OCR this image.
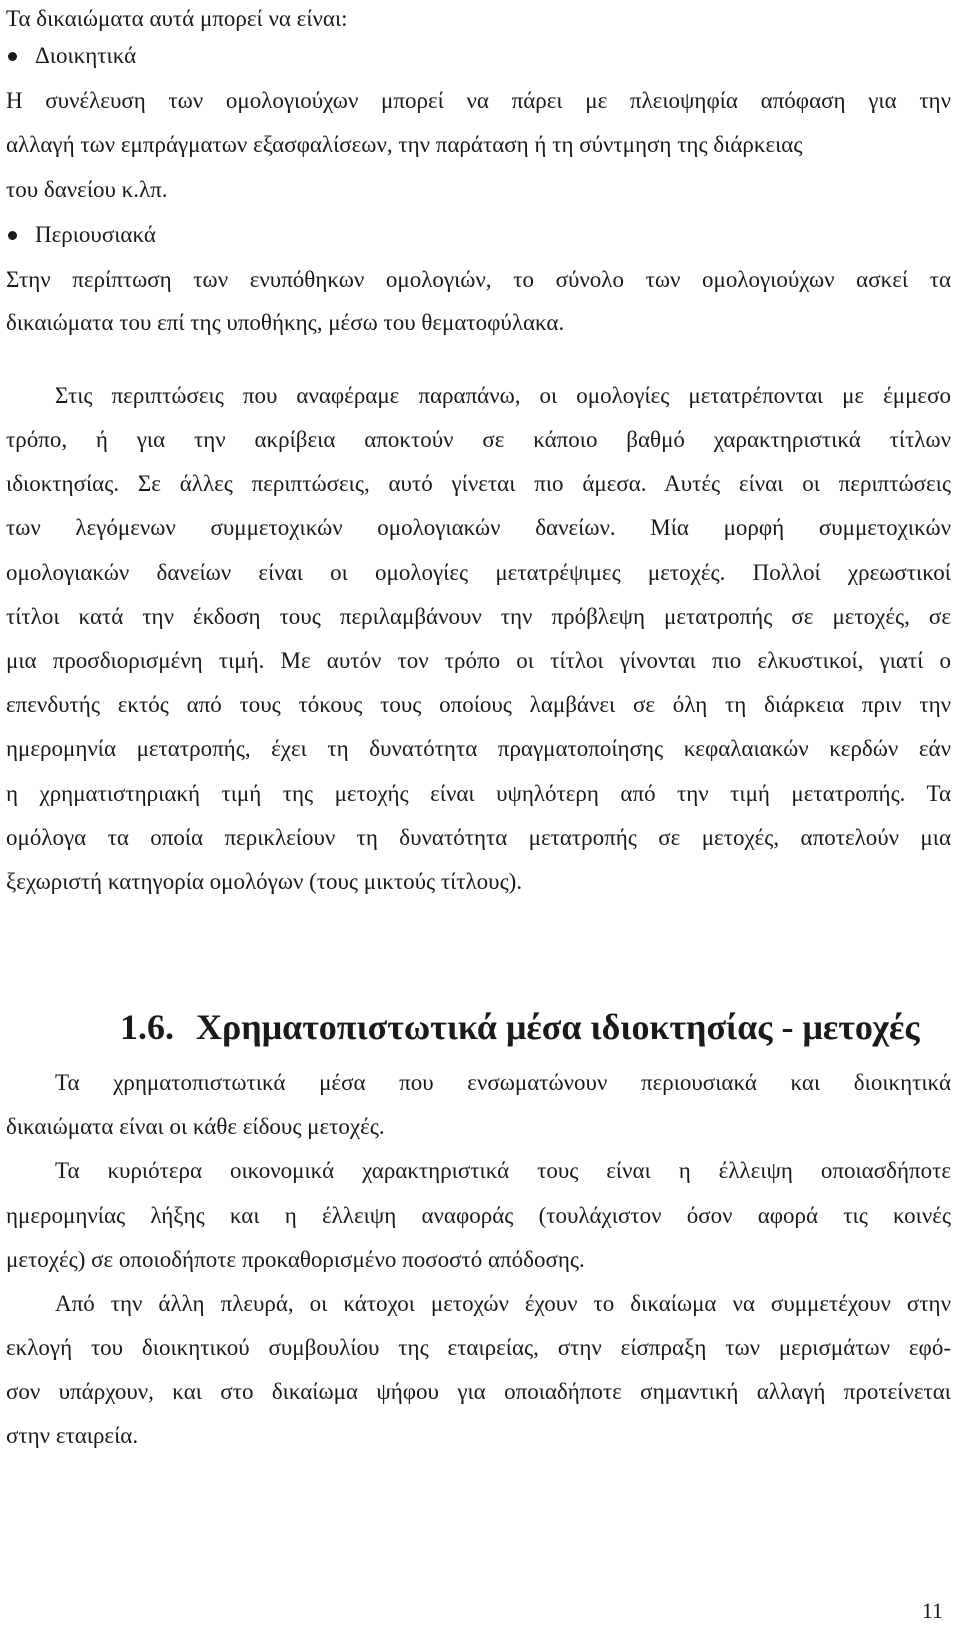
Τα δικαιώματα αυτά μπορεί να είναι:
Διοικητικά
Η συνέλευση των ομολογιούχων μπορεί να πάρει με πλειοψηφία απόφαση για την
αλλαγή των εμπράγματων εξασφαλίσεων, την παράταση ή τη σύντμηση της διάρκειας
του δανείου κ.λπ.
Περιουσιακά
Στην περίπτωση των ενυπόθηκων ομολογιών, το σύνολο των ομολογιούχων ασκεί τα
δικαιώματα του επί της υποθήκης, μέσω του θεματοφύλακα.
Στις περιπτώσεις που αναφέραμε παραπάνω, οι ομολογίες μετατρέπονται με έμμεσο
τρόπο, ή για την ακρίβεια αποκτούν σε κάποιο βαθμό χαρακτηριστικά τίτλων
ιδιοκτησίας. Σε άλλες περιπτώσεις, αυτό γίνεται πιο άμεσα. Αυτές είναι οι περιπτώσεις
των λεγόμενων συμμετοχικών ομολογιακών δανείων. Μία μορφή συμμετοχικών
ομολογιακών δανείων είναι οι ομολογίες μετατρέψιμες μετοχές. Πολλοί χρεωστικοί
τίτλοι κατά την έκδοση τους περιλαμβάνουν την πρόβλεψη μετατροπής σε μετοχές, σε
μια προσδιορισμένη τιμή. Με αυτόν τον τρόπο οι τίτλοι γίνονται πιο ελκυστικοί, γιατί ο
επενδυτής εκτός από τους τόκους τους οποίους λαμβάνει σε όλη τη διάρκεια πριν την
ημερομηνία μετατροπής, έχει τη δυνατότητα πραγματοποίησης κεφαλαιακών κερδών εάν
η χρηματιστηριακή τιμή της μετοχής είναι υψηλότερη από την τιμή μετατροπής. Τα
ομόλογα τα οποία περικλείουν τη δυνατότητα μετατροπής σε μετοχές, αποτελούν μια
ξεχωριστή κατηγορία ομολόγων (τους μικτούς τίτλους).
1.6. Χρηματοπιστωτικά μέσα ιδιοκτησίας - μετοχές
Τα χρηματοπιστωτικά μέσα που ενσωματώνουν περιουσιακά και διοικητικά
δικαιώματα είναι οι κάθε είδους μετοχές.
Τα κυριότερα οικονομικά χαρακτηριστικά τους είναι η έλλειψη οποιασδήποτε
ημερομηνίας λήξης και η έλλειψη αναφοράς (τουλάχιστον όσον αφορά τις κοινές
μετοχές) σε οποιοδήποτε προκαθορισμένο ποσοστό απόδοσης.
Από την άλλη πλευρά, οι κάτοχοι μετοχών έχουν το δικαίωμα να συμμετέχουν στην
εκλογή του διοικητικού συμβουλίου της εταιρείας, στην είσπραξη των μερισμάτων εφό-
σον υπάρχουν, και στο δικαίωμα ψήφου για οποιαδήποτε σημαντική αλλαγή προτείνεται
στην εταιρεία.
11
